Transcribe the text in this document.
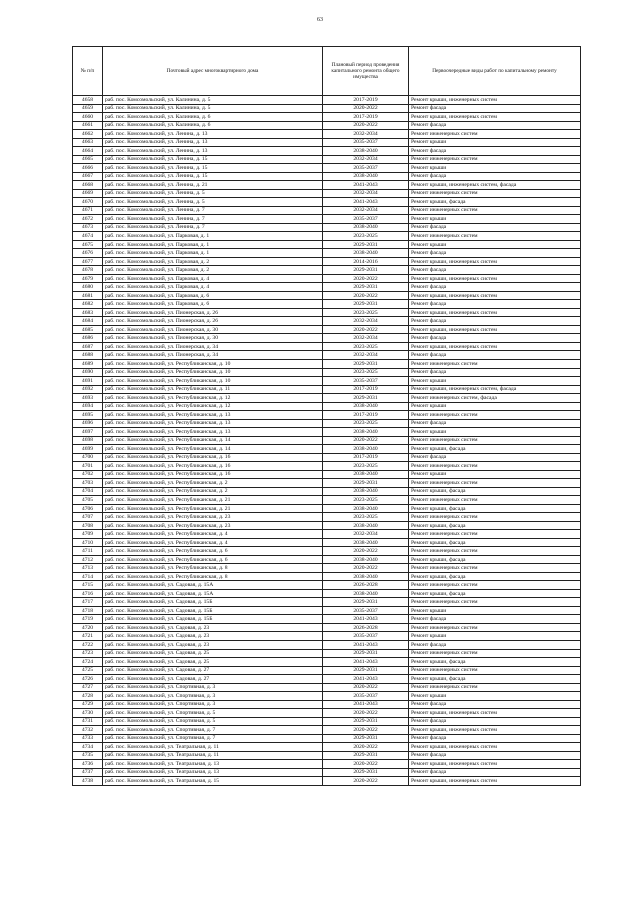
63
№ п/п	Почтовый адрес многоквартирного дома	Плановый период проведения капитального ремонта общего имущества	Первоочередные виды работ по капитальному ремонту
4658	раб. пос. Комсомольский, ул. Калинина, д. 5	2017-2019	Ремонт крыши, инженерных систем
4659	раб. пос. Комсомольский, ул. Калинина, д. 5	2020-2022	Ремонт фасада
4660	раб. пос. Комсомольский, ул. Калинина, д. 6	2017-2019	Ремонт крыши, инженерных систем
4661	раб. пос. Комсомольский, ул. Калинина, д. 6	2020-2022	Ремонт фасада
4662	раб. пос. Комсомольский, ул. Ленина, д. 13	2032-2034	Ремонт инженерных систем
4663	раб. пос. Комсомольский, ул. Ленина, д. 13	2035-2037	Ремонт крыши
4664	раб. пос. Комсомольский, ул. Ленина, д. 13	2038-2040	Ремонт фасада
4665	раб. пос. Комсомольский, ул. Ленина, д. 15	2032-2034	Ремонт инженерных систем
4666	раб. пос. Комсомольский, ул. Ленина, д. 15	2035-2037	Ремонт крыши
4667	раб. пос. Комсомольский, ул. Ленина, д. 15	2038-2040	Ремонт фасада
4668	раб. пос. Комсомольский, ул. Ленина, д. 21	2041-2043	Ремонт крыши, инженерных систем, фасада
4669	раб. пос. Комсомольский, ул. Ленина, д. 5	2032-2034	Ремонт инженерных систем
4670	раб. пос. Комсомольский, ул. Ленина, д. 5	2041-2043	Ремонт крыши, фасада
4671	раб. пос. Комсомольский, ул. Ленина, д. 7	2032-2034	Ремонт инженерных систем
4672	раб. пос. Комсомольский, ул. Ленина, д. 7	2035-2037	Ремонт крыши
4673	раб. пос. Комсомольский, ул. Ленина, д. 7	2038-2040	Ремонт фасада
4674	раб. пос. Комсомольский, ул. Парковая, д. 1	2023-2025	Ремонт инженерных систем
4675	раб. пос. Комсомольский, ул. Парковая, д. 1	2029-2031	Ремонт крыши
4676	раб. пос. Комсомольский, ул. Парковая, д. 1	2038-2040	Ремонт фасада
4677	раб. пос. Комсомольский, ул. Парковая, д. 2	2014-2016	Ремонт крыши, инженерных систем
4678	раб. пос. Комсомольский, ул. Парковая, д. 2	2029-2031	Ремонт фасада
4679	раб. пос. Комсомольский, ул. Парковая, д. 4	2020-2022	Ремонт крыши, инженерных систем
4680	раб. пос. Комсомольский, ул. Парковая, д. 4	2029-2031	Ремонт фасада
4681	раб. пос. Комсомольский, ул. Парковая, д. 6	2020-2022	Ремонт крыши, инженерных систем
4682	раб. пос. Комсомольский, ул. Парковая, д. 6	2029-2031	Ремонт фасада
4683	раб. пос. Комсомольский, ул. Пионерская, д. 26	2023-2025	Ремонт крыши, инженерных систем
4684	раб. пос. Комсомольский, ул. Пионерская, д. 26	2032-2034	Ремонт фасада
4685	раб. пос. Комсомольский, ул. Пионерская, д. 30	2020-2022	Ремонт крыши, инженерных систем
4686	раб. пос. Комсомольский, ул. Пионерская, д. 30	2032-2034	Ремонт фасада
4687	раб. пос. Комсомольский, ул. Пионерская, д. 34	2023-2025	Ремонт крыши, инженерных систем
4688	раб. пос. Комсомольский, ул. Пионерская, д. 34	2032-2034	Ремонт фасада
4689	раб. пос. Комсомольский, ул. Республиканская, д. 10	2029-2031	Ремонт инженерных систем
4690	раб. пос. Комсомольский, ул. Республиканская, д. 10	2023-2025	Ремонт фасада
4691	раб. пос. Комсомольский, ул. Республиканская, д. 10	2035-2037	Ремонт крыши
4692	раб. пос. Комсомольский, ул. Республиканская, д. 11	2017-2019	Ремонт крыши, инженерных систем, фасада
4693	раб. пос. Комсомольский, ул. Республиканская, д. 12	2029-2031	Ремонт инженерных систем, фасада
4694	раб. пос. Комсомольский, ул. Республиканская, д. 12	2038-2040	Ремонт крыши
4695	раб. пос. Комсомольский, ул. Республиканская, д. 13	2017-2019	Ремонт инженерных систем
4696	раб. пос. Комсомольский, ул. Республиканская, д. 13	2023-2025	Ремонт фасада
4697	раб. пос. Комсомольский, ул. Республиканская, д. 13	2038-2040	Ремонт крыши
4698	раб. пос. Комсомольский, ул. Республиканская, д. 14	2020-2022	Ремонт инженерных систем
4699	раб. пос. Комсомольский, ул. Республиканская, д. 14	2038-2040	Ремонт крыши, фасада
4700	раб. пос. Комсомольский, ул. Республиканская, д. 16	2017-2019	Ремонт фасада
4701	раб. пос. Комсомольский, ул. Республиканская, д. 16	2023-2025	Ремонт инженерных систем
4702	раб. пос. Комсомольский, ул. Республиканская, д. 16	2038-2040	Ремонт крыши
4703	раб. пос. Комсомольский, ул. Республиканская, д. 2	2029-2031	Ремонт инженерных систем
4704	раб. пос. Комсомольский, ул. Республиканская, д. 2	2038-2040	Ремонт крыши, фасада
4705	раб. пос. Комсомольский, ул. Республиканская, д. 21	2023-2025	Ремонт инженерных систем
4706	раб. пос. Комсомольский, ул. Республиканская, д. 21	2038-2040	Ремонт крыши, фасада
4707	раб. пос. Комсомольский, ул. Республиканская, д. 23	2023-2025	Ремонт инженерных систем
4708	раб. пос. Комсомольский, ул. Республиканская, д. 23	2038-2040	Ремонт крыши, фасада
4709	раб. пос. Комсомольский, ул. Республиканская, д. 4	2032-2034	Ремонт инженерных систем
4710	раб. пос. Комсомольский, ул. Республиканская, д. 4	2038-2040	Ремонт крыши, фасада
4711	раб. пос. Комсомольский, ул. Республиканская, д. 6	2020-2022	Ремонт инженерных систем
4712	раб. пос. Комсомольский, ул. Республиканская, д. 6	2038-2040	Ремонт крыши, фасада
4713	раб. пос. Комсомольский, ул. Республиканская, д. 8	2020-2022	Ремонт инженерных систем
4714	раб. пос. Комсомольский, ул. Республиканская, д. 8	2038-2040	Ремонт крыши, фасада
4715	раб. пос. Комсомольский, ул. Садовая, д. 15А	2026-2028	Ремонт инженерных систем
4716	раб. пос. Комсомольский, ул. Садовая, д. 15А	2038-2040	Ремонт крыши, фасада
4717	раб. пос. Комсомольский, ул. Садовая, д. 15Б	2029-2031	Ремонт инженерных систем
4718	раб. пос. Комсомольский, ул. Садовая, д. 15Б	2035-2037	Ремонт крыши
4719	раб. пос. Комсомольский, ул. Садовая, д. 15Б	2041-2043	Ремонт фасада
4720	раб. пос. Комсомольский, ул. Садовая, д. 23	2026-2028	Ремонт инженерных систем
4721	раб. пос. Комсомольский, ул. Садовая, д. 23	2035-2037	Ремонт крыши
4722	раб. пос. Комсомольский, ул. Садовая, д. 23	2041-2043	Ремонт фасада
4723	раб. пос. Комсомольский, ул. Садовая, д. 25	2029-2031	Ремонт инженерных систем
4724	раб. пос. Комсомольский, ул. Садовая, д. 25	2041-2043	Ремонт крыши, фасада
4725	раб. пос. Комсомольский, ул. Садовая, д. 27	2029-2031	Ремонт инженерных систем
4726	раб. пос. Комсомольский, ул. Садовая, д. 27	2041-2043	Ремонт крыши, фасада
4727	раб. пос. Комсомольский, ул. Спортивная, д. 3	2020-2022	Ремонт инженерных систем
4728	раб. пос. Комсомольский, ул. Спортивная, д. 3	2035-2037	Ремонт крыши
4729	раб. пос. Комсомольский, ул. Спортивная, д. 3	2041-2043	Ремонт фасада
4730	раб. пос. Комсомольский, ул. Спортивная, д. 5	2020-2022	Ремонт крыши, инженерных систем
4731	раб. пос. Комсомольский, ул. Спортивная, д. 5	2029-2031	Ремонт фасада
4732	раб. пос. Комсомольский, ул. Спортивная, д. 7	2020-2022	Ремонт крыши, инженерных систем
4733	раб. пос. Комсомольский, ул. Спортивная, д. 7	2029-2031	Ремонт фасада
4734	раб. пос. Комсомольский, ул. Театральная, д. 11	2020-2022	Ремонт крыши, инженерных систем
4735	раб. пос. Комсомольский, ул. Театральная, д. 11	2029-2031	Ремонт фасада
4736	раб. пос. Комсомольский, ул. Театральная, д. 13	2020-2022	Ремонт крыши, инженерных систем
4737	раб. пос. Комсомольский, ул. Театральная, д. 13	2029-2031	Ремонт фасада
4738	раб. пос. Комсомольский, ул. Театральная, д. 15	2020-2022	Ремонт крыши, инженерных систем
